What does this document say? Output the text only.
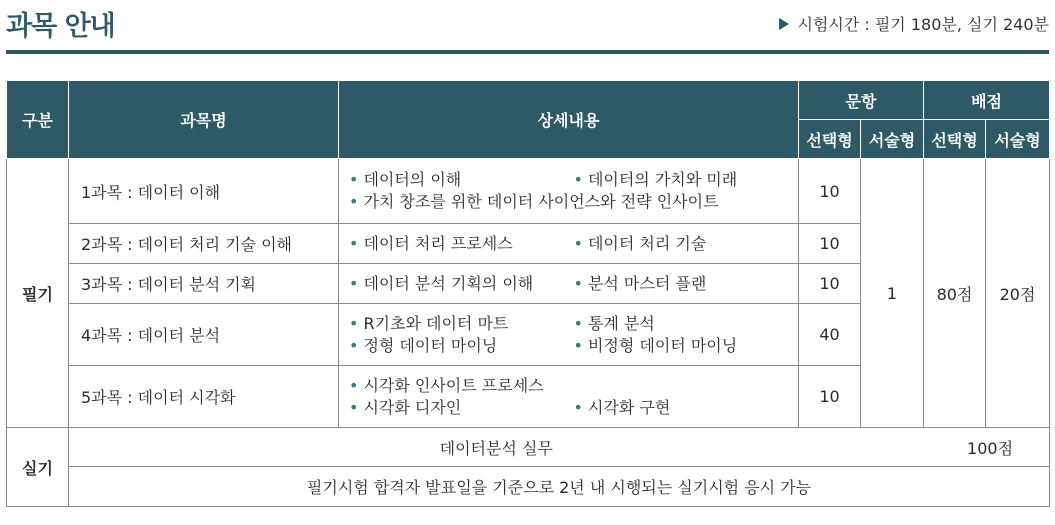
과목 안내	시험시간 : 필기 180분, 실기 240분
구분	과목명	상세내용	문항		배점	
			선택형	서술형	선택형	서술형
필기	1과목 : 데이터 이해	• 데이터의 이해 • 데이터의 가치와 미래
• 가치 창조를 위한 데이터 사이언스와 전략 인사이트	10	1	80점	20점
	2과목 : 데이터 처리 기술 이해	• 데이터 처리 프로세스 • 데이터 처리 기술	10			
	3과목 : 데이터 분석 기획	• 데이터 분석 기획의 이해 • 분석 마스터 플랜	10			
	4과목 : 데이터 분석	• R기초와 데이터 마트 • 통계 분석
• 정형 데이터 마이닝 • 비정형 데이터 마이닝	40			
	5과목 : 데이터 시각화	• 시각화 인사이트 프로세스
• 시각화 디자인 • 시각화 구현	10			
실기	데이터분석 실무				100점	
	필기시험 합격자 발표일을 기준으로 2년 내 시행되는 실기시험 응시 가능					
